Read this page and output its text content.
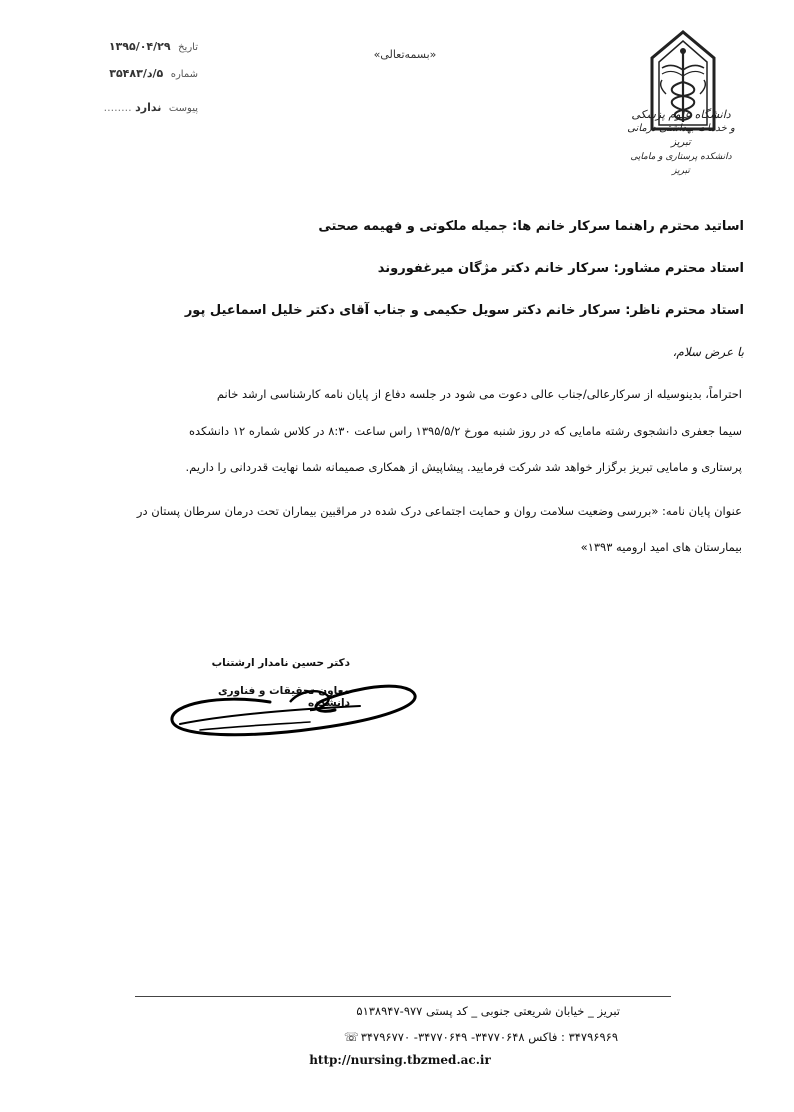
تاریخ ۱۳۹۵/۰۴/۲۹
شماره ۵/د/۳۵۴۸۳
پیوست ندارد ........
«بسمه‌تعالی»
دانشگاه علوم پزشکی
و خدمات بهداشتی درمانی تبریز
دانشکده پرستاری و مامایی تبریز
اساتید محترم راهنما سرکار خانم ها: جمیله ملکوتی و فهیمه صحتی
استاد محترم مشاور: سرکار خانم دکتر مژگان میرغفوروند
استاد محترم ناظر: سرکار خانم دکتر سویل حکیمی و جناب آقای دکتر خلیل اسماعیل پور
با عرض سلام،
احتراماً، بدینوسیله از سرکارعالی/جناب عالی دعوت می شود در جلسه دفاع از پایان نامه کارشناسی ارشد خانم
سیما جعفری دانشجوی رشته مامایی که در روز شنبه مورخ ۱۳۹۵/۵/۲ راس ساعت ۸:۳۰ در کلاس شماره ۱۲ دانشکده
پرستاری و مامایی تبریز برگزار خواهد شد شرکت فرمایید. پیشاپیش از همکاری صمیمانه شما نهایت قدردانی را داریم.
عنوان پایان نامه: «بررسی وضعیت سلامت روان و حمایت اجتماعی درک شده در مراقبین بیماران تحت درمان سرطان پستان در
بیمارستان های امید ارومیه ۱۳۹۳»
دکتر حسین نامدار ارشتناب
معاون تحقیقات و فناوری دانشکده
تبریز _ خیابان شریعتی جنوبی _ کد پستی ۹۷۷-۵۱۳۸۹۴۷
۳۴۷۹۶۹۶۹ : فاکس ۳۴۷۷۰۶۴۸- ۳۴۷۷۰۶۴۹- ۳۴۷۹۶۷۷۰☏
http://nursing.tbzmed.ac.ir
